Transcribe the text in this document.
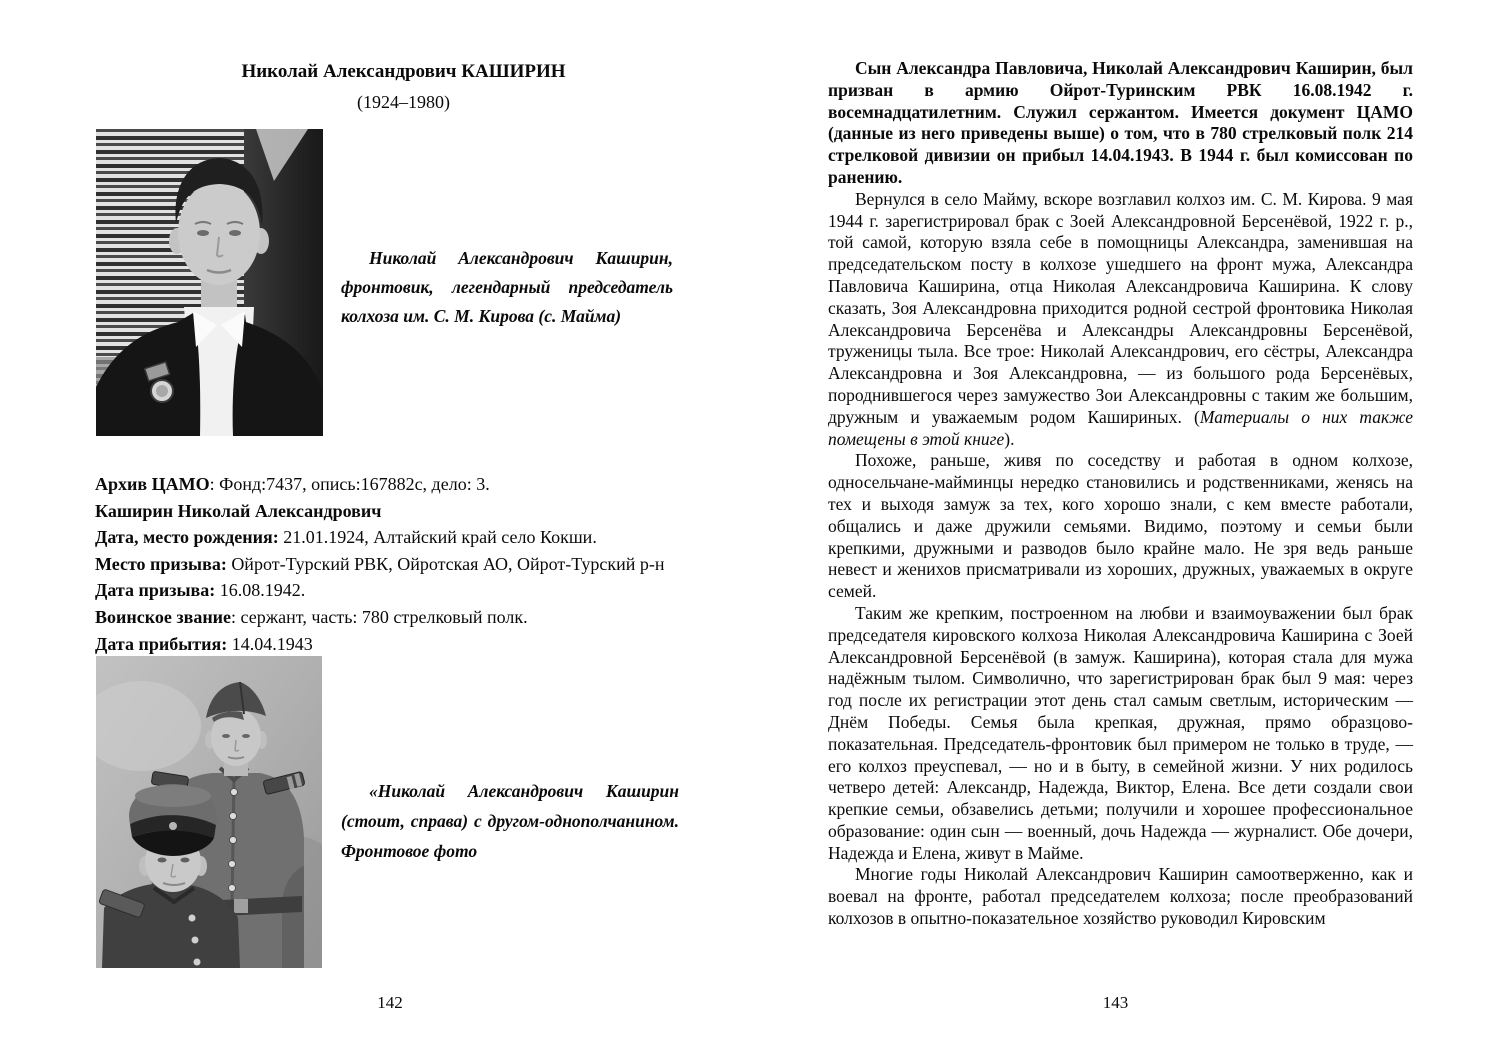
Николай Александрович КАШИРИН
(1924–1980)
Николай Александрович Каширин, фронтовик, легендарный председатель колхоза им. С. М. Кирова (с. Майма)
Архив ЦАМО: Фонд:7437, опись:167882с, дело: 3.
Каширин Николай Александрович
Дата, место рождения: 21.01.1924, Алтайский край село Кокши.
Место призыва: Ойрот-Турский РВК, Ойротская АО, Ойрот-Турский р-н
Дата призыва: 16.08.1942.
Воинское звание: сержант, часть: 780 стрелковый полк.
Дата прибытия: 14.04.1943
«Николай Александрович Каширин (стоит, справа) с другом-однополчанином. Фронтовое фото
142

Сын Александра Павловича, Николай Александрович Каширин, был призван в армию Ойрот-Туринским РВК 16.08.1942 г. восемнадцатилетним. Служил сержантом. Имеется документ ЦАМО (данные из него приведены выше) о том, что в 780 стрелковый полк 214 стрелковой дивизии он прибыл 14.04.1943. В 1944 г. был комиссован по ранению.

Вернулся в село Майму, вскоре возглавил колхоз им. С. М. Кирова. 9 мая 1944 г. зарегистрировал брак с Зоей Александровной Берсенёвой, 1922 г. р., той самой, которую взяла себе в помощницы Александра, заменившая на председательском посту в колхозе ушедшего на фронт мужа, Александра Павловича Каширина, отца Николая Александровича Каширина. К слову сказать, Зоя Александровна приходится родной сестрой фронтовика Николая Александровича Берсенёва и Александры Александровны Берсенёвой, труженицы тыла. Все трое: Николай Александрович, его сёстры, Александра Александровна и Зоя Александровна, — из большого рода Берсенёвых, породнившегося через замужество Зои Александровны с таким же большим, дружным и уважаемым родом Кашириных. (Материалы о них также помещены в этой книге).

Похоже, раньше, живя по соседству и работая в одном колхозе, односельчане-майминцы нередко становились и родственниками, женясь на тех и выходя замуж за тех, кого хорошо знали, с кем вместе работали, общались и даже дружили семьями. Видимо, поэтому и семьи были крепкими, дружными и разводов было крайне мало. Не зря ведь раньше невест и женихов присматривали из хороших, дружных, уважаемых в округе семей.

Таким же крепким, построенном на любви и взаимоуважении был брак председателя кировского колхоза Николая Александровича Каширина с Зоей Александровной Берсенёвой (в замуж. Каширина), которая стала для мужа надёжным тылом. Символично, что зарегистрирован брак был 9 мая: через год после их регистрации этот день стал самым светлым, историческим — Днём Победы. Семья была крепкая, дружная, прямо образцово-показательная. Председатель-фронтовик был примером не только в труде, — его колхоз преуспевал, — но и в быту, в семейной жизни. У них родилось четверо детей: Александр, Надежда, Виктор, Елена. Все дети создали свои крепкие семьи, обзавелись детьми; получили и хорошее профессиональное образование: один сын — военный, дочь Надежда — журналист. Обе дочери, Надежда и Елена, живут в Майме.

Многие годы Николай Александрович Каширин самоотверженно, как и воевал на фронте, работал председателем колхоза; после преобразований колхозов в опытно-показательное хозяйство руководил Кировским

143
